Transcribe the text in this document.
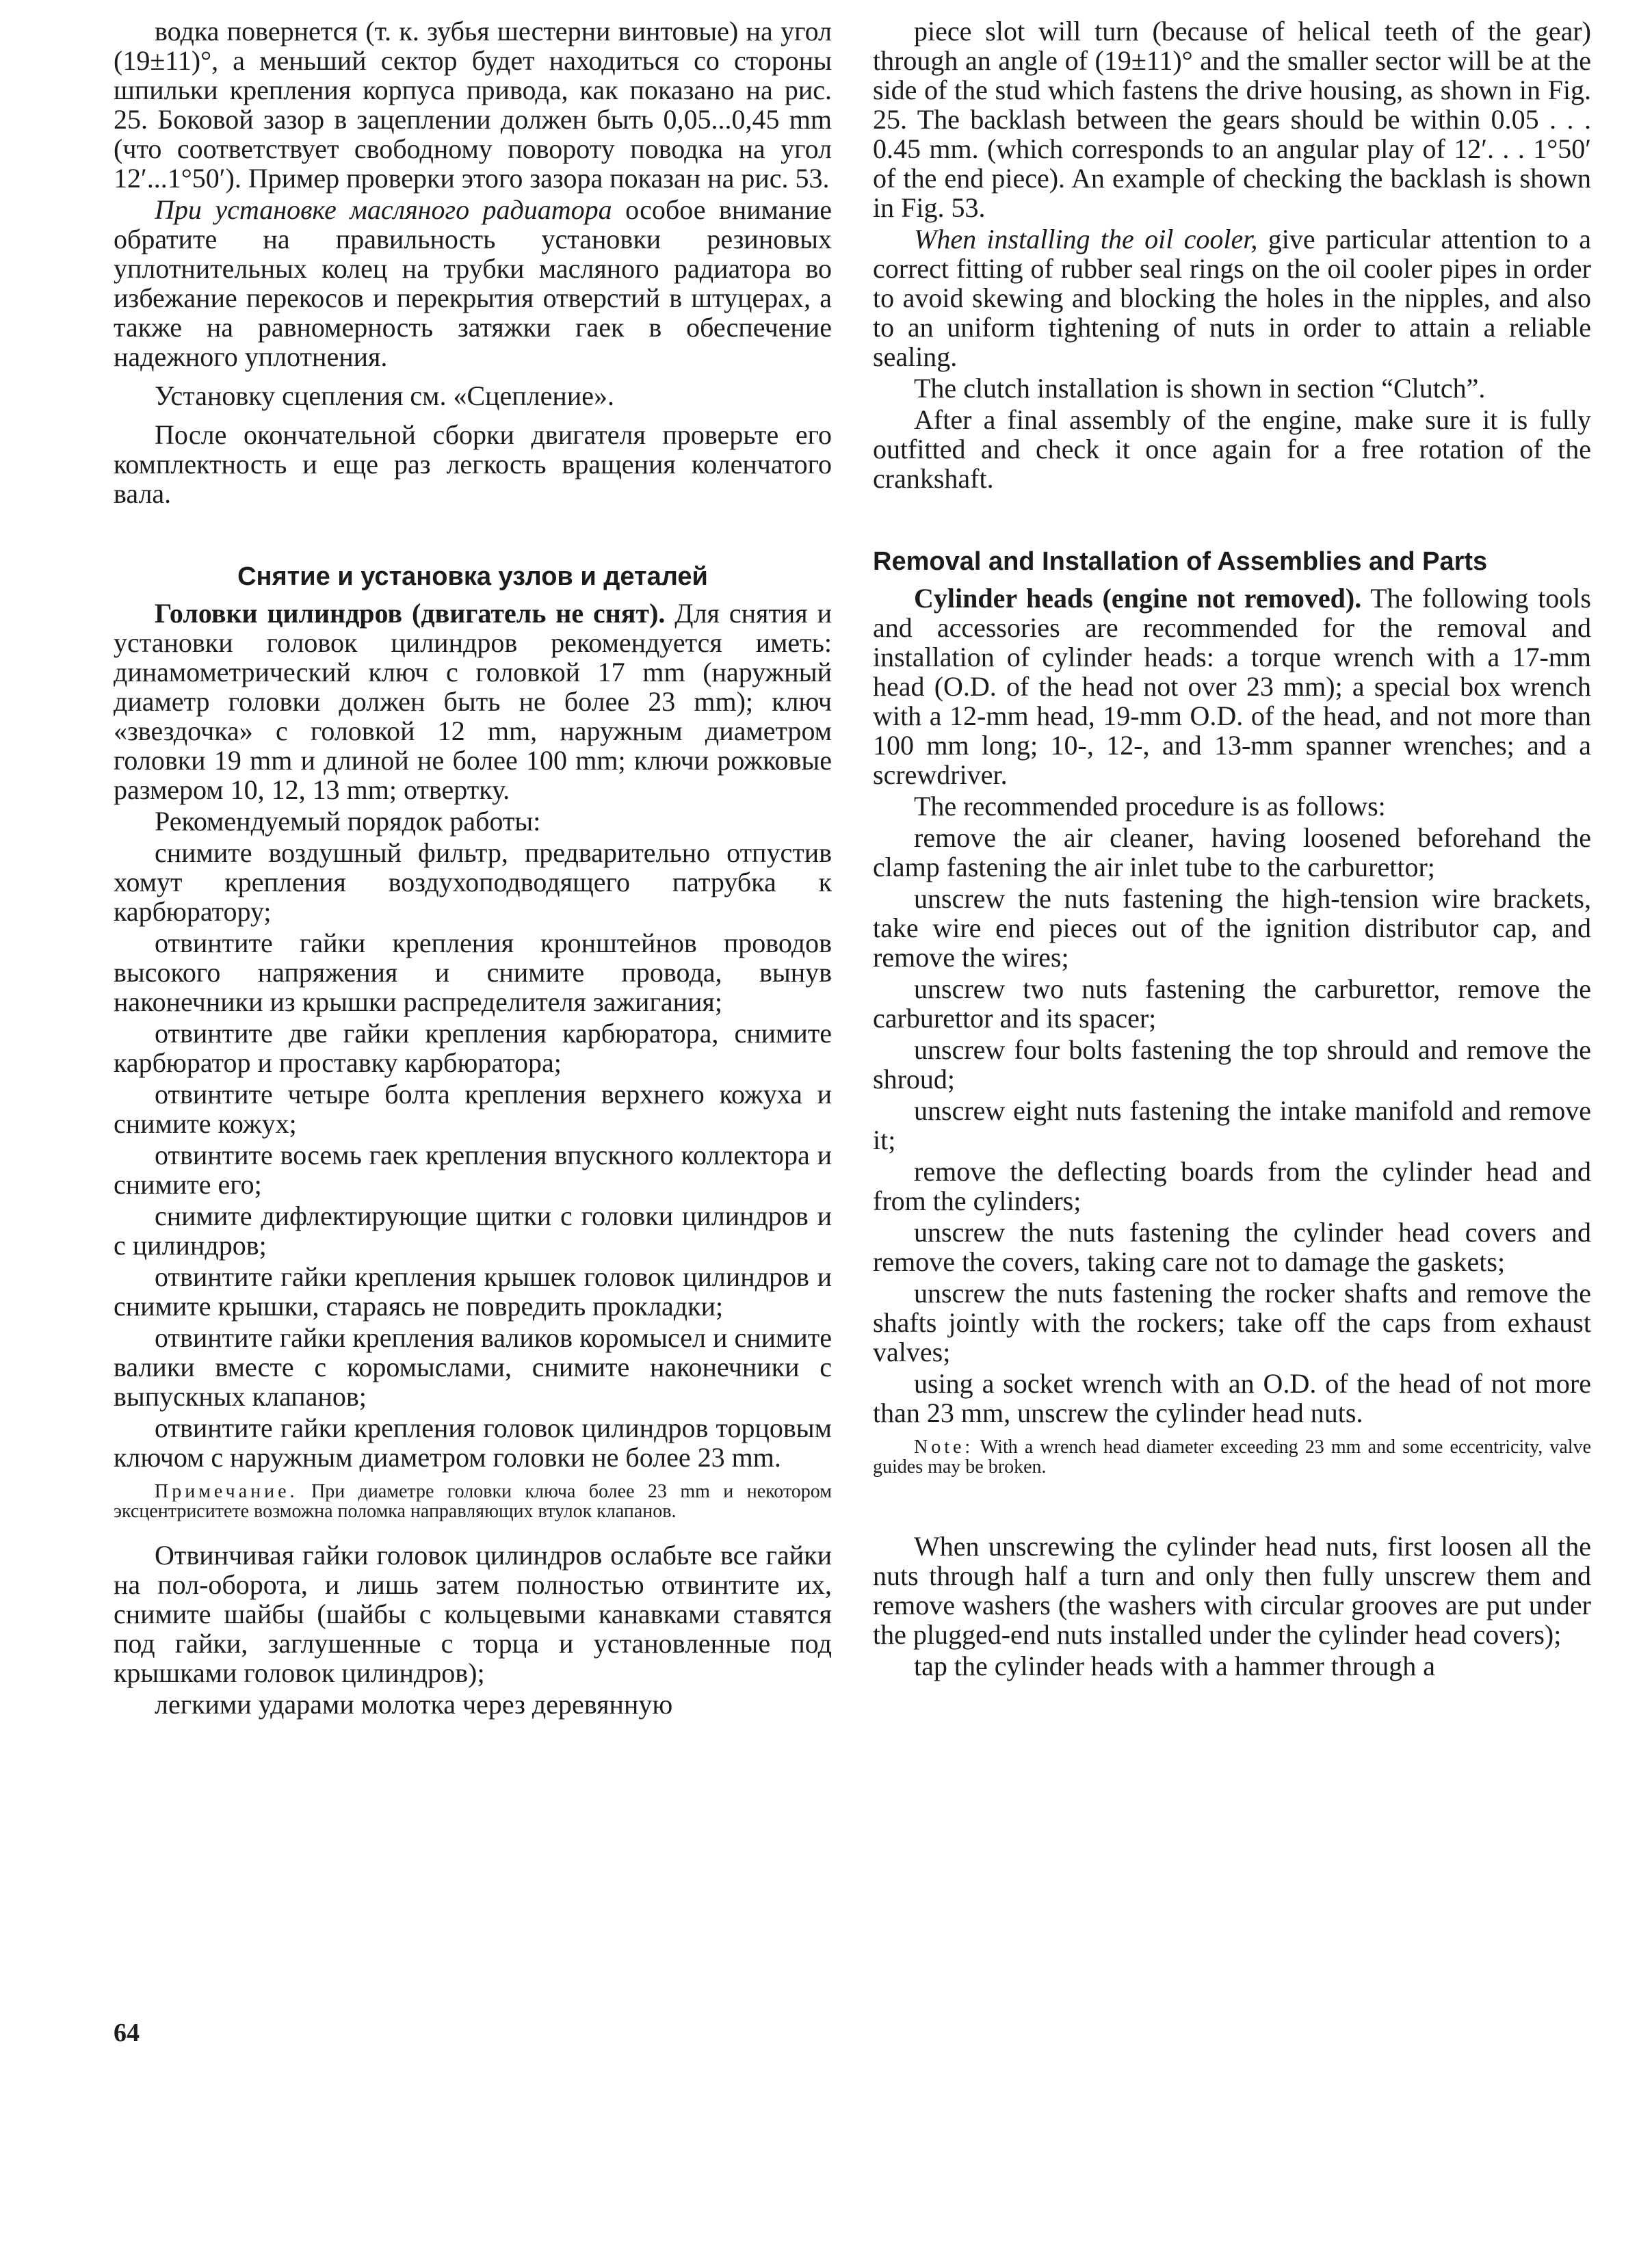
водка повернется (т. к. зубья шестерни винтовые) на угол (19±11)°, а меньший сектор будет находиться со стороны шпильки крепления корпуса привода, как показано на рис. 25. Боковой зазор в зацеплении должен быть 0,05...0,45 mm (что соответствует свободному повороту поводка на угол 12′...1°50′). Пример проверки этого зазора показан на рис. 53.

При установке масляного радиатора особое внимание обратите на правильность установки резиновых уплотнительных колец на трубки масляного радиатора во избежание перекосов и перекрытия отверстий в штуцерах, а также на равномерность затяжки гаек в обеспечение надежного уплотнения.

Установку сцепления см. «Сцепление».

После окончательной сборки двигателя проверьте его комплектность и еще раз легкость вращения коленчатого вала.

Снятие и установка узлов и деталей

Головки цилиндров (двигатель не снят). Для снятия и установки головок цилиндров рекомендуется иметь: динамометрический ключ с головкой 17 mm (наружный диаметр головки должен быть не более 23 mm); ключ «звездочка» с головкой 12 mm, наружным диаметром головки 19 mm и длиной не более 100 mm; ключи рожковые размером 10, 12, 13 mm; отвертку.

Рекомендуемый порядок работы:

снимите воздушный фильтр, предварительно отпустив хомут крепления воздухоподводящего патрубка к карбюратору;

отвинтите гайки крепления кронштейнов проводов высокого напряжения и снимите провода, вынув наконечники из крышки распределителя зажигания;

отвинтите две гайки крепления карбюратора, снимите карбюратор и проставку карбюратора;

отвинтите четыре болта крепления верхнего кожуха и снимите кожух;

отвинтите восемь гаек крепления впускного коллектора и снимите его;

снимите дифлектирующие щитки с головки цилиндров и с цилиндров;

отвинтите гайки крепления крышек головок цилиндров и снимите крышки, стараясь не повредить прокладки;

отвинтите гайки крепления валиков коромысел и снимите валики вместе с коромыслами, снимите наконечники с выпускных клапанов;

отвинтите гайки крепления головок цилиндров торцовым ключом с наружным диаметром головки не более 23 mm.

Примечание. При диаметре головки ключа более 23 mm и некотором эксцентриситете возможна поломка направляющих втулок клапанов.

Отвинчивая гайки головок цилиндров ослабьте все гайки на пол-оборота, и лишь затем полностью отвинтите их, снимите шайбы (шайбы с кольцевыми канавками ставятся под гайки, заглушенные с торца и установленные под крышками головок цилиндров);

легкими ударами молотка через деревянную

piece slot will turn (because of helical teeth of the gear) through an angle of (19±11)° and the smaller sector will be at the side of the stud which fastens the drive housing, as shown in Fig. 25. The backlash between the gears should be within 0.05 . . . 0.45 mm. (which corresponds to an angular play of 12′. . . 1°50′ of the end piece). An example of checking the backlash is shown in Fig. 53.

When installing the oil cooler, give particular attention to a correct fitting of rubber seal rings on the oil cooler pipes in order to avoid skewing and blocking the holes in the nipples, and also to an uniform tightening of nuts in order to attain a reliable sealing.

The clutch installation is shown in section “Clutch”.

After a final assembly of the engine, make sure it is fully outfitted and check it once again for a free rotation of the crankshaft.

Removal and Installation of Assemblies and Parts

Cylinder heads (engine not removed). The following tools and accessories are recommended for the removal and installation of cylinder heads: a torque wrench with a 17-mm head (O.D. of the head not over 23 mm); a special box wrench with a 12-mm head, 19-mm O.D. of the head, and not more than 100 mm long; 10-, 12-, and 13-mm spanner wrenches; and a screwdriver.

The recommended procedure is as follows:

remove the air cleaner, having loosened beforehand the clamp fastening the air inlet tube to the carburettor;

unscrew the nuts fastening the high-tension wire brackets, take wire end pieces out of the ignition distributor cap, and remove the wires;

unscrew two nuts fastening the carburettor, remove the carburettor and its spacer;

unscrew four bolts fastening the top shrould and remove the shroud;

unscrew eight nuts fastening the intake manifold and remove it;

remove the deflecting boards from the cylinder head and from the cylinders;

unscrew the nuts fastening the cylinder head covers and remove the covers, taking care not to damage the gaskets;

unscrew the nuts fastening the rocker shafts and remove the shafts jointly with the rockers; take off the caps from exhaust valves;

using a socket wrench with an O.D. of the head of not more than 23 mm, unscrew the cylinder head nuts.

Note: With a wrench head diameter exceeding 23 mm and some eccentricity, valve guides may be broken.

When unscrewing the cylinder head nuts, first loosen all the nuts through half a turn and only then fully unscrew them and remove washers (the washers with circular grooves are put under the plugged-end nuts installed under the cylinder head covers);

tap the cylinder heads with a hammer through a

64
